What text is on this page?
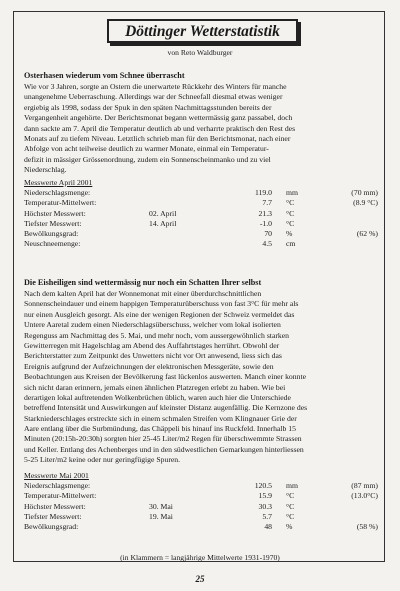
Döttinger Wetterstatistik
von Reto Waldburger
Osterhasen wiederum vom Schnee überrascht
Wie vor 3 Jahren, sorgte an Ostern die unerwartete Rückkehr des Winters für manche
unangenehme Ueberraschung. Allerdings war der Schneefall diesmal etwas weniger
ergiebig als 1998, sodass der Spuk in den späten Nachmittagsstunden bereits der
Vergangenheit angehörte. Der Berichtsmonat begann wettermässig ganz passabel, doch
dann sackte am 7. April die Temperatur deutlich ab und verharrte praktisch den Rest des
Monats auf zu tiefem Niveau. Letztlich schrieb man für den Berichtsmonat, nach einer
Abfolge von acht teilweise deutlich zu warmer Monate, einmal ein Temperatur-
defizit in mässiger Grössenordnung, zudem ein Sonnenscheinmanko und zu viel
Niederschlag.
Messwerte April 2001
Niederschlagsmenge:	119.0 mm	(70 mm)
Temperatur-Mittelwert:	7.7 °C	(8.9 °C)
Höchster Messwert:	02. April	21.3 °C
Tiefster Messwert:	14. April	-1.0 °C
Bewölkungsgrad:	70 %	(62 %)
Neuschneemenge:	4.5 cm
Die Eisheiligen sind wettermässig nur noch ein Schatten Ihrer selbst
Nach dem kalten April hat der Wonnemonat mit einer überdurchschnittlichen
Sonnenscheindauer und einem happigen Temperaturüberschuss von fast 3°C für mehr als
nur einen Ausgleich gesorgt. Als eine der wenigen Regionen der Schweiz vermeldet das
Untere Aaretal zudem einen Niederschlagsüberschuss, welcher vom lokal isolierten
Regenguss am Nachmittag des 5. Mai, und mehr noch, vom aussergewöhnlich starken
Gewitterregen mit Hagelschlag am Abend des Auffahrtstages herrührt. Obwohl der
Berichterstatter zum Zeitpunkt des Unwetters nicht vor Ort anwesend, liess sich das
Ereignis aufgrund der Aufzeichnungen der elektronischen Messgeräte, sowie den
Beobachtungen aus Kreisen der Bevölkerung fast lückenlos auswerten. Manch einer konnte
sich nicht daran erinnern, jemals einen ähnlichen Platzregen erlebt zu haben. Wie bei
derartigen lokal auftretenden Wolkenbrüchen üblich, waren auch hier die Unterschiede
betreffend Intensität und Auswirkungen auf kleinster Distanz augenfällig. Die Kernzone des
Starkniederschlages erstreckte sich in einem schmalen Streifen vom Klingnauer Grie der
Aare entlang über die Surbmündung, das Chäppeli bis hinauf ins Ruckfeld. Innerhalb 15
Minuten (20:15h-20:30h) sorgten hier 25-45 Liter/m2 Regen für überschwemmte Strassen
und Keller. Entlang des Achenberges und in den südwestlichen Gemarkungen hinterliessen
5-25 Liter/m2 keine oder nur geringfügige Spuren.
Messwerte Mai 2001
Niederschlagsmenge:	120.5 mm	(87 mm)
Temperatur-Mittelwert:	15.9 °C	(13.0°C)
Höchster Messwert:	30. Mai	30.3 °C
Tiefster Messwert:	19. Mai	5.7 °C
Bewölkungsgrad:	48 %	(58 %)
(in Klammern = langjährige Mittelwerte 1931-1970)
25
